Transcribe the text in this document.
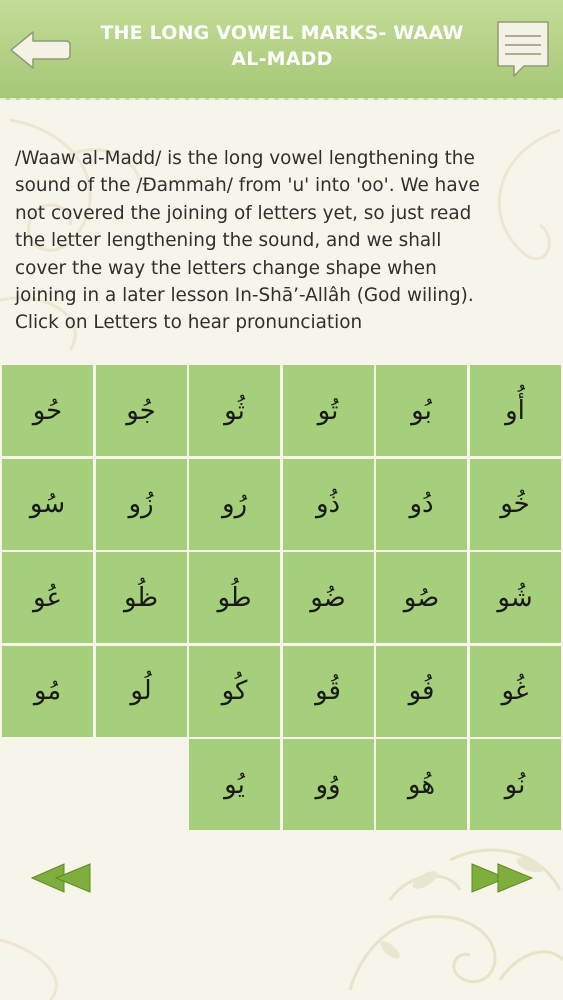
THE LONG VOWEL MARKS- WAAW AL-MADD

/Waaw al-Madd/ is the long vowel lengthening the
sound of the /Đammah/ from 'u' into 'oo'. We have
not covered the joining of letters yet, so just read
the letter lengthening the sound, and we shall
cover the way the letters change shape when
joining in a later lesson In-Shā’-Allâh (God wiling).
Click on Letters to hear pronunciation

أُو
بُو
تُو
ثُو
جُو
حُو
خُو
دُو
ذُو
رُو
زُو
سُو
شُو
صُو
ضُو
طُو
ظُو
عُو
غُو
فُو
قُو
كُو
لُو
مُو
نُو
هُو
وُو
يُو
